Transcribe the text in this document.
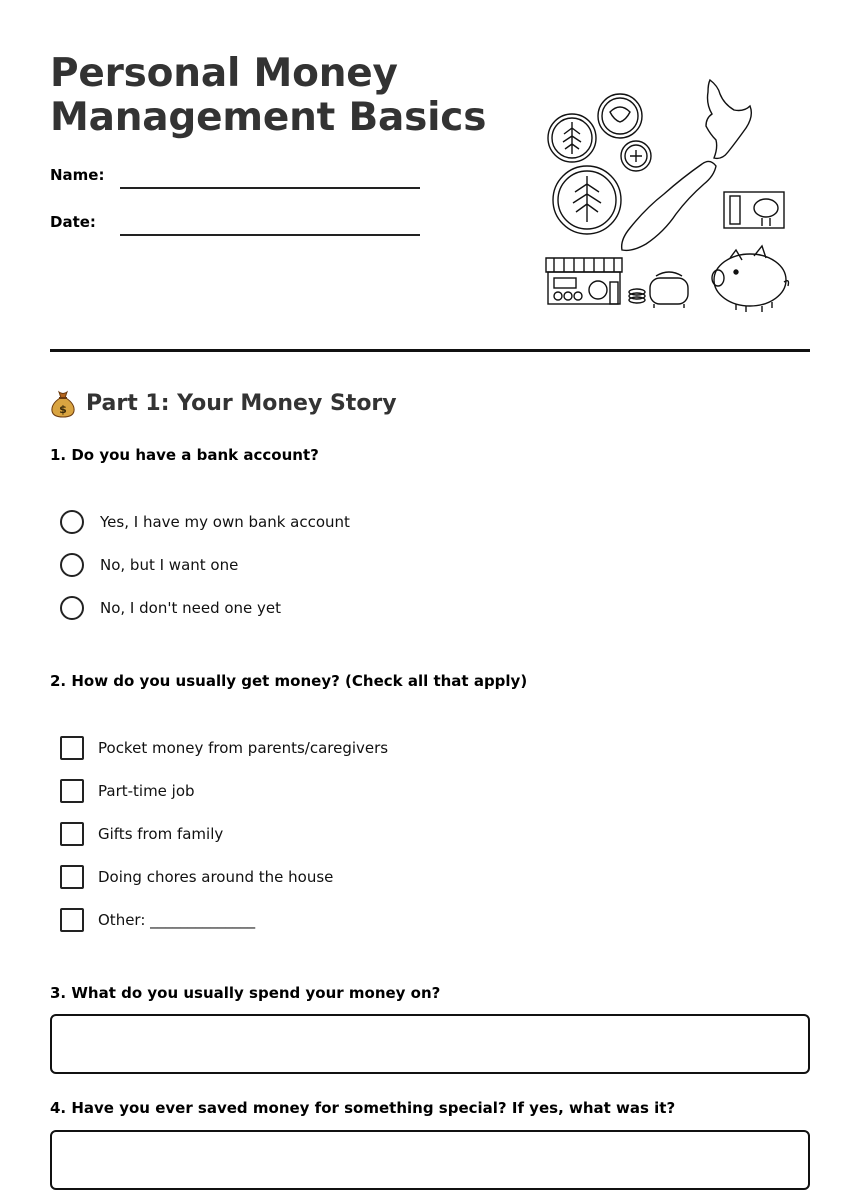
Personal Money
Management Basics
Name:
Date:
$ Part 1: Your Money Story

1. Do you have a bank account?

Yes, I have my own bank account
No, but I want one
No, I don't need one yet

2. How do you usually get money? (Check all that apply)

Pocket money from parents/caregivers
Part-time job
Gifts from family
Doing chores around the house
Other: ______________

3. What do you usually spend your money on?

4. Have you ever saved money for something special? If yes, what was it?
